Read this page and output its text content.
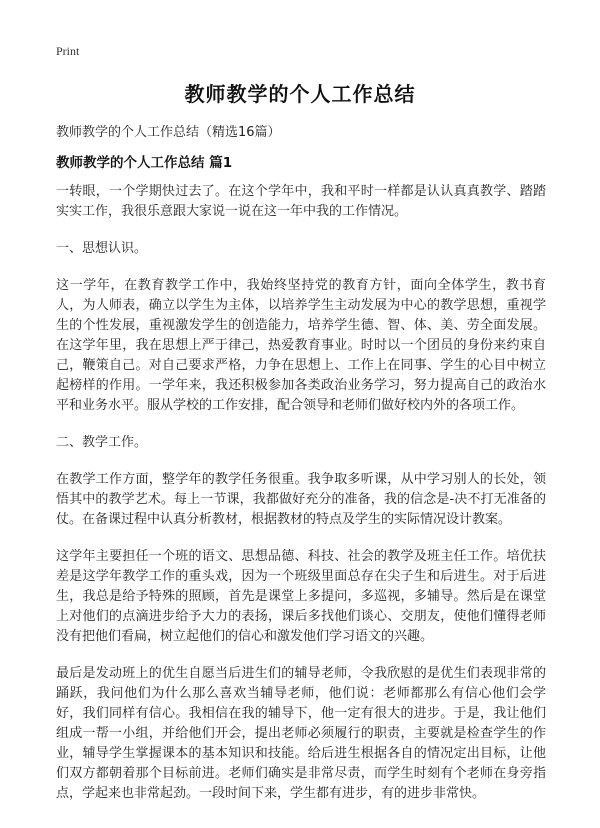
Print
教师教学的个人工作总结
教师教学的个人工作总结（精选16篇）
教师教学的个人工作总结 篇1

一转眼，一个学期快过去了。在这个学年中，我和平时一样都是认认真真教学、踏踏实实工作，我很乐意跟大家说一说在这一年中我的工作情况。

一、思想认识。

这一学年，在教育教学工作中，我始终坚持党的教育方针，面向全体学生，教书育人，为人师表，确立以学生为主体，以培养学生主动发展为中心的教学思想，重视学生的个性发展，重视激发学生的创造能力，培养学生德、智、体、美、劳全面发展。在这学年里，我在思想上严于律己，热爱教育事业。时时以一个团员的身份来约束自己，鞭策自己。对自己要求严格，力争在思想上、工作上在同事、学生的心目中树立起榜样的作用。一学年来，我还积极参加各类政治业务学习，努力提高自己的政治水平和业务水平。服从学校的工作安排，配合领导和老师们做好校内外的各项工作。

二、教学工作。

在教学工作方面，整学年的教学任务很重。我争取多听课，从中学习别人的长处，领悟其中的教学艺术。每上一节课，我都做好充分的准备，我的信念是-决不打无准备的仗。在备课过程中认真分析教材，根据教材的特点及学生的实际情况设计教案。

这学年主要担任一个班的语文、思想品德、科技、社会的教学及班主任工作。培优扶差是这学年教学工作的重头戏，因为一个班级里面总存在尖子生和后进生。对于后进生，我总是给予特殊的照顾，首先是课堂上多提问，多巡视，多辅导。然后是在课堂上对他们的点滴进步给予大力的表扬，课后多找他们谈心、交朋友，使他们懂得老师没有把他们看扁，树立起他们的信心和激发他们学习语文的兴趣。

最后是发动班上的优生自愿当后进生们的辅导老师，令我欣慰的是优生们表现非常的踊跃，我问他们为什么那么喜欢当辅导老师，他们说：老师都那么有信心他们会学好，我们同样有信心。我相信在我的辅导下，他一定有很大的进步。于是，我让他们组成一帮一小组，并给他们开会，提出老师必须履行的职责，主要就是检查学生的作业，辅导学生掌握课本的基本知识和技能。给后进生根据各自的情况定出目标，让他们双方都朝着那个目标前进。老师们确实是非常尽责，而学生时刻有个老师在身旁指点，学起来也非常起劲。一段时间下来，学生都有进步，有的进步非常快。
